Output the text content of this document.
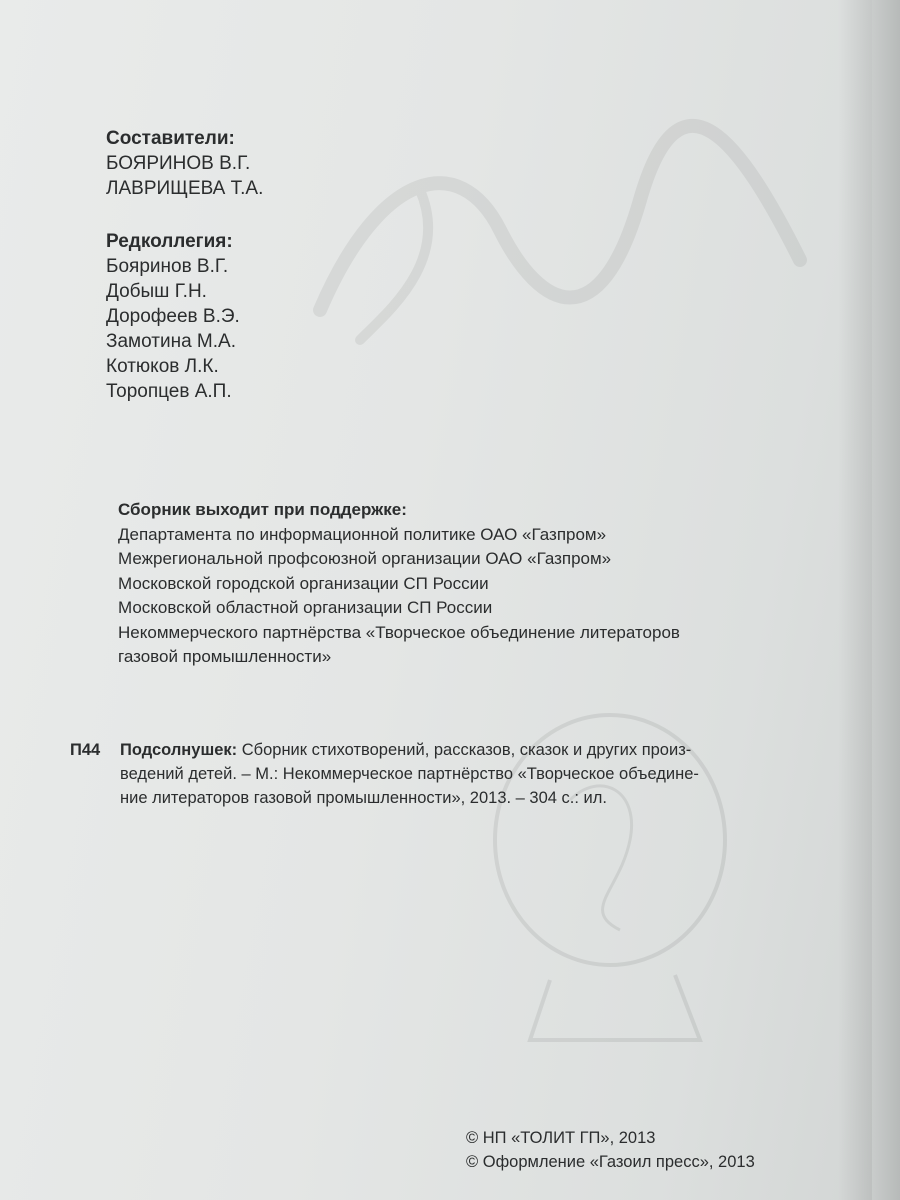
Составители:
БОЯРИНОВ В.Г.
ЛАВРИЩЕВА Т.А.
Редколлегия:
Бояринов В.Г.
Добыш Г.Н.
Дорофеев В.Э.
Замотина М.А.
Котюков Л.К.
Торопцев А.П.
Сборник выходит при поддержке:
Департамента по информационной политике ОАО «Газпром»
Межрегиональной профсоюзной организации ОАО «Газпром»
Московской городской организации СП России
Московской областной организации СП России
Некоммерческого партнёрства «Творческое объединение литераторов
газовой промышленности»
П44 Подсолнушек: Сборник стихотворений, рассказов, сказок и других произ-
ведений детей. – М.: Некоммерческое партнёрство «Творческое объедине-
ние литераторов газовой промышленности», 2013. – 304 с.: ил.
© НП «ТОЛИТ ГП», 2013
© Оформление «Газоил пресс», 2013
